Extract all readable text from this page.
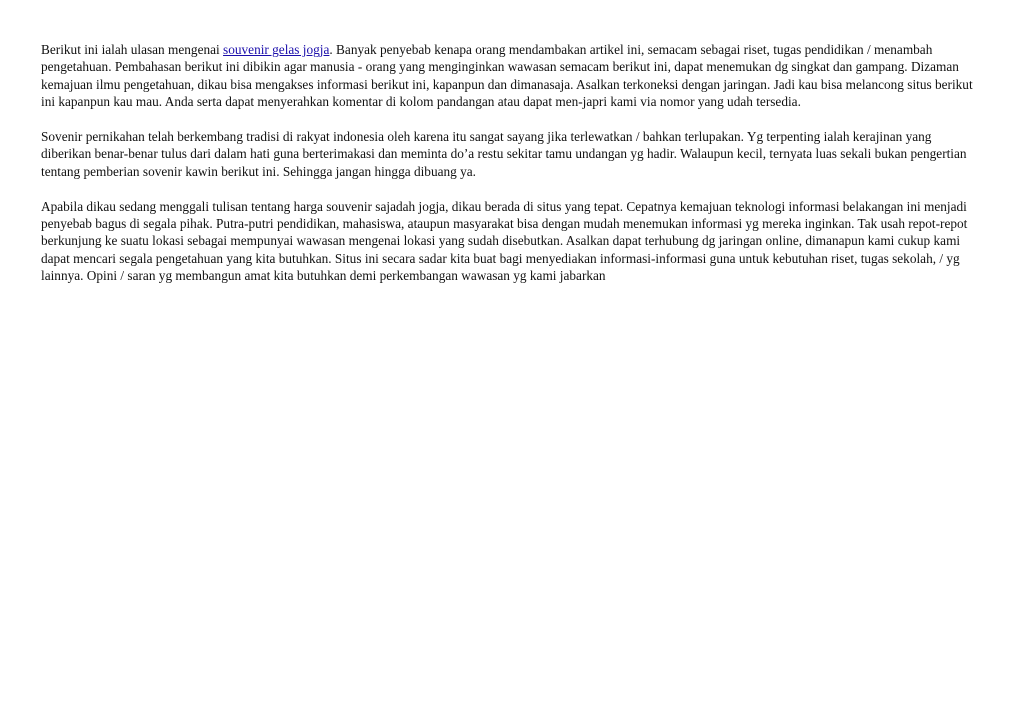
Berikut ini ialah ulasan mengenai souvenir gelas jogja. Banyak penyebab kenapa orang mendambakan artikel ini, semacam sebagai riset, tugas pendidikan / menambah pengetahuan. Pembahasan berikut ini dibikin agar manusia - orang yang menginginkan wawasan semacam berikut ini, dapat menemukan dg singkat dan gampang. Dizaman kemajuan ilmu pengetahuan, dikau bisa mengakses informasi berikut ini, kapanpun dan dimanasaja. Asalkan terkoneksi dengan jaringan. Jadi kau bisa melancong situs berikut ini kapanpun kau mau. Anda serta dapat menyerahkan komentar di kolom pandangan atau dapat men-japri kami via nomor yang udah tersedia.

Sovenir pernikahan telah berkembang tradisi di rakyat indonesia oleh karena itu sangat sayang jika terlewatkan / bahkan terlupakan. Yg terpenting ialah kerajinan yang diberikan benar-benar tulus dari dalam hati guna berterimakasi dan meminta do’a restu sekitar tamu undangan yg hadir. Walaupun kecil, ternyata luas sekali bukan pengertian tentang pemberian sovenir kawin berikut ini. Sehingga jangan hingga dibuang ya.

Apabila dikau sedang menggali tulisan tentang harga souvenir sajadah jogja, dikau berada di situs yang tepat. Cepatnya kemajuan teknologi informasi belakangan ini menjadi penyebab bagus di segala pihak. Putra-putri pendidikan, mahasiswa, ataupun masyarakat bisa dengan mudah menemukan informasi yg mereka inginkan. Tak usah repot-repot berkunjung ke suatu lokasi sebagai mempunyai wawasan mengenai lokasi yang sudah disebutkan. Asalkan dapat terhubung dg jaringan online, dimanapun kami cukup kami dapat mencari segala pengetahuan yang kita butuhkan. Situs ini secara sadar kita buat bagi menyediakan informasi-informasi guna untuk kebutuhan riset, tugas sekolah, / yg lainnya. Opini / saran yg membangun amat kita butuhkan demi perkembangan wawasan yg kami jabarkan
